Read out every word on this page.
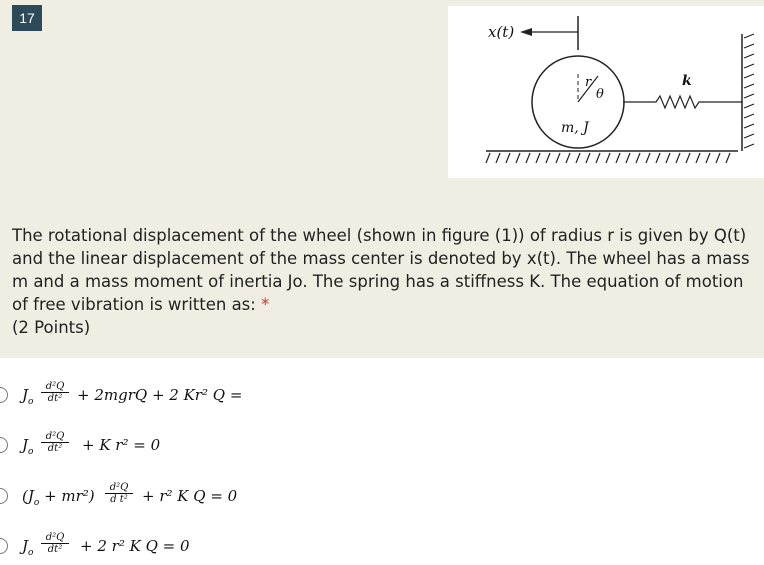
17
x(t)
r
θ
k
m, J
The rotational displacement of the wheel (shown in figure (1)) of radius r is given by Q(t) and the linear displacement of the mass center is denoted by x(t). The wheel has a mass m and a mass moment of inertia Jo. The spring has a stiffness K. The equation of motion of free vibration is written as: *
(2 Points)
$J_o \frac{\text{d²Q}}{\text{dt²}}$ + 2mgrQ + 2 Kr² Q =
$J_o \frac{\text{d²Q}}{\text{dt²}} + K$ r² = 0
$(J_o + mr^2) \frac{\text{d²Q}}{\text{d t²}} + r^2$ K Q = 0
$J_o \frac{\text{d²Q}}{\text{dt²}} + 2$ r² K Q = 0
